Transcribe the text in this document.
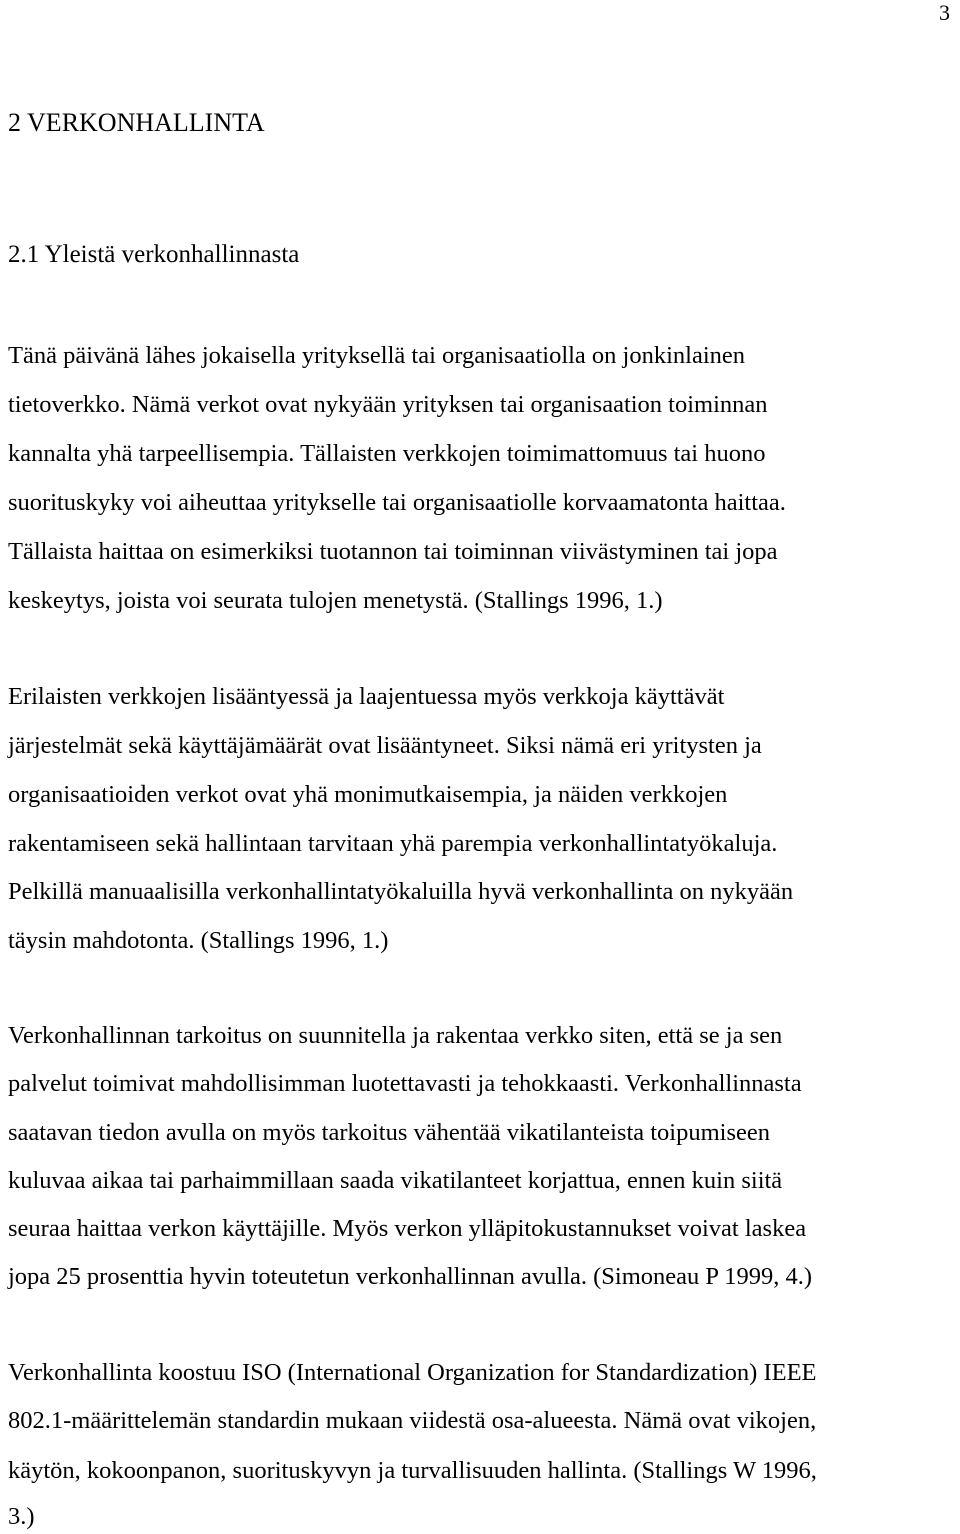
3
2 VERKONHALLINTA
2.1 Yleistä verkonhallinnasta

Tänä päivänä lähes jokaisella yrityksellä tai organisaatiolla on jonkinlainen

tietoverkko. Nämä verkot ovat nykyään yrityksen tai organisaation toiminnan

kannalta yhä tarpeellisempia. Tällaisten verkkojen toimimattomuus tai huono

suorituskyky voi aiheuttaa yritykselle tai organisaatiolle korvaamatonta haittaa.

Tällaista haittaa on esimerkiksi tuotannon tai toiminnan viivästyminen tai jopa

keskeytys, joista voi seurata tulojen menetystä. (Stallings 1996, 1.)

Erilaisten verkkojen lisääntyessä ja laajentuessa myös verkkoja käyttävät

järjestelmät sekä käyttäjämäärät ovat lisääntyneet. Siksi nämä eri yritysten ja

organisaatioiden verkot ovat yhä monimutkaisempia, ja näiden verkkojen

rakentamiseen sekä hallintaan tarvitaan yhä parempia verkonhallintatyökaluja.

Pelkillä manuaalisilla verkonhallintatyökaluilla hyvä verkonhallinta on nykyään

täysin mahdotonta. (Stallings 1996, 1.)

Verkonhallinnan tarkoitus on suunnitella ja rakentaa verkko siten, että se ja sen

palvelut toimivat mahdollisimman luotettavasti ja tehokkaasti. Verkonhallinnasta

saatavan tiedon avulla on myös tarkoitus vähentää vikatilanteista toipumiseen

kuluvaa aikaa tai parhaimmillaan saada vikatilanteet korjattua, ennen kuin siitä

seuraa haittaa verkon käyttäjille. Myös verkon ylläpitokustannukset voivat laskea

jopa 25 prosenttia hyvin toteutetun verkonhallinnan avulla. (Simoneau P 1999, 4.)

Verkonhallinta koostuu ISO (International Organization for Standardization) IEEE

802.1-määrittelemän standardin mukaan viidestä osa-alueesta. Nämä ovat vikojen,

käytön, kokoonpanon, suorituskyvyn ja turvallisuuden hallinta. (Stallings W 1996,

3.)
